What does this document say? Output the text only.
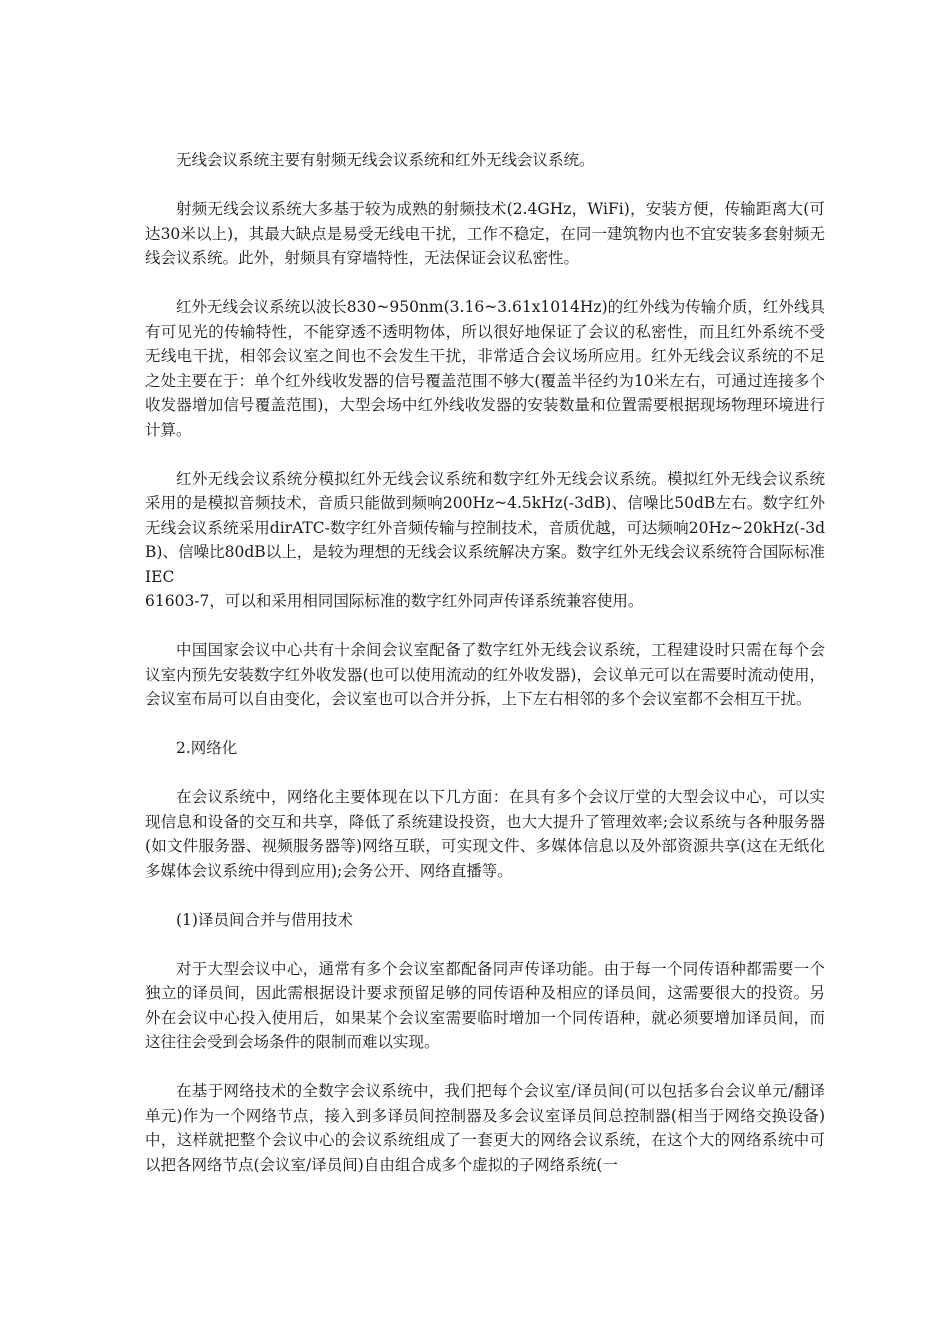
无线会议系统主要有射频无线会议系统和红外无线会议系统。

射频无线会议系统大多基于较为成熟的射频技术(2.4GHz，WiFi)，安装方便，传输距离大(可达30米以上)，其最大缺点是易受无线电干扰，工作不稳定，在同一建筑物内也不宜安装多套射频无线会议系统。此外，射频具有穿墙特性，无法保证会议私密性。

红外无线会议系统以波长830~950nm(3.16~3.61x1014Hz)的红外线为传输介质，红外线具有可见光的传输特性，不能穿透不透明物体，所以很好地保证了会议的私密性，而且红外系统不受无线电干扰，相邻会议室之间也不会发生干扰，非常适合会议场所应用。红外无线会议系统的不足之处主要在于：单个红外线收发器的信号覆盖范围不够大(覆盖半径约为10米左右，可通过连接多个收发器增加信号覆盖范围)，大型会场中红外线收发器的安装数量和位置需要根据现场物理环境进行计算。

红外无线会议系统分模拟红外无线会议系统和数字红外无线会议系统。模拟红外无线会议系统采用的是模拟音频技术，音质只能做到频响200Hz~4.5kHz(-3dB)、信噪比50dB左右。数字红外无线会议系统采用dirATC-数字红外音频传输与控制技术，音质优越，可达频响20Hz~20kHz(-3dB)、信噪比80dB以上，是较为理想的无线会议系统解决方案。数字红外无线会议系统符合国际标准IEC

61603-7，可以和采用相同国际标准的数字红外同声传译系统兼容使用。

中国国家会议中心共有十余间会议室配备了数字红外无线会议系统，工程建设时只需在每个会议室内预先安装数字红外收发器(也可以使用流动的红外收发器)，会议单元可以在需要时流动使用，会议室布局可以自由变化，会议室也可以合并分拆，上下左右相邻的多个会议室都不会相互干扰。

2.网络化

在会议系统中，网络化主要体现在以下几方面：在具有多个会议厅堂的大型会议中心，可以实现信息和设备的交互和共享，降低了系统建设投资，也大大提升了管理效率;会议系统与各种服务器(如文件服务器、视频服务器等)网络互联，可实现文件、多媒体信息以及外部资源共享(这在无纸化多媒体会议系统中得到应用);会务公开、网络直播等。

(1)译员间合并与借用技术

对于大型会议中心，通常有多个会议室都配备同声传译功能。由于每一个同传语种都需要一个独立的译员间，因此需根据设计要求预留足够的同传语种及相应的译员间，这需要很大的投资。另外在会议中心投入使用后，如果某个会议室需要临时增加一个同传语种，就必须要增加译员间，而这往往会受到会场条件的限制而难以实现。

在基于网络技术的全数字会议系统中，我们把每个会议室/译员间(可以包括多台会议单元/翻译单元)作为一个网络节点，接入到多译员间控制器及多会议室译员间总控制器(相当于网络交换设备)中，这样就把整个会议中心的会议系统组成了一套更大的网络会议系统，在这个大的网络系统中可以把各网络节点(会议室/译员间)自由组合成多个虚拟的子网络系统(一
